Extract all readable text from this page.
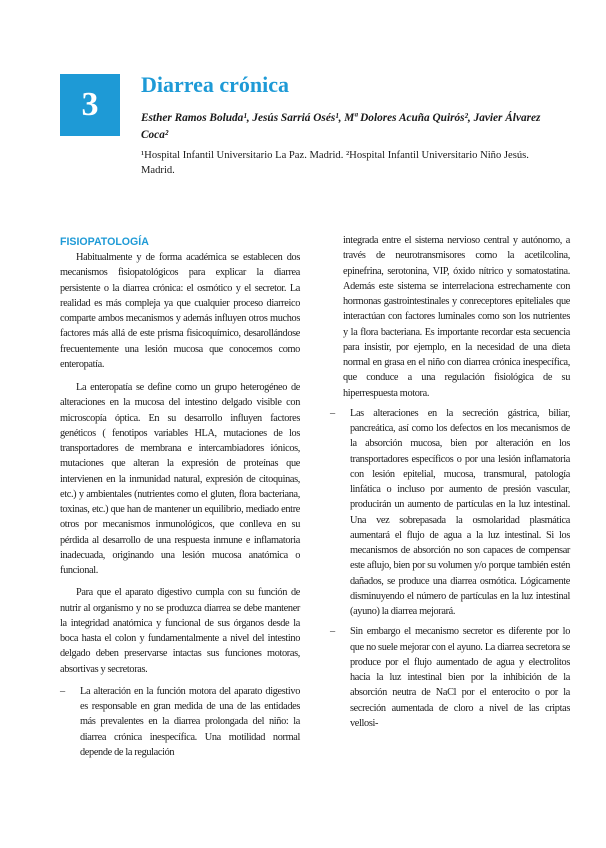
3
Diarrea crónica
Esther Ramos Boluda¹, Jesús Sarriá Osés¹, Mª Dolores Acuña Quirós², Javier Álvarez Coca²
¹Hospital Infantil Universitario La Paz. Madrid. ²Hospital Infantil Universitario Niño Jesús. Madrid.
FISIOPATOLOGÍA

Habitualmente y de forma académica se establecen dos mecanismos fisiopatológicos para explicar la diarrea persistente o la diarrea crónica: el osmótico y el secretor. La realidad es más compleja ya que cualquier proceso diarreico comparte ambos mecanismos y además influyen otros muchos factores más allá de este prisma fisicoquímico, desarollándose frecuentemente una lesión mucosa que conocemos como enteropatía.

La enteropatía se define como un grupo heterogéneo de alteraciones en la mucosa del intestino delgado visible con microscopía óptica. En su desarrollo influyen factores genéticos ( fenotipos variables HLA, mutaciones de los transportadores de membrana e intercambiadores iónicos, mutaciones que alteran la expresión de proteínas que intervienen en la inmunidad natural, expresión de citoquinas, etc.) y ambientales (nutrientes como el gluten, flora bacteriana, toxinas, etc.) que han de mantener un equilibrio, mediado entre otros por mecanismos inmunológicos, que conlleva en su pérdida al desarrollo de una respuesta inmune e inflamatoria inadecuada, originando una lesión mucosa anatómica o funcional.

Para que el aparato digestivo cumpla con su función de nutrir al organismo y no se produzca diarrea se debe mantener la integridad anatómica y funcional de sus órganos desde la boca hasta el colon y fundamentalmente a nivel del intestino delgado deben preservarse intactas sus funciones motoras, absortivas y secretoras.

– La alteración en la función motora del aparato digestivo es responsable en gran medida de una de las entidades más prevalentes en la diarrea prolongada del niño: la diarrea crónica inespecífica. Una motilidad normal depende de la regulación

integrada entre el sistema nervioso central y autónomo, a través de neurotransmisores como la acetilcolina, epinefrina, serotonina, VIP, óxido nítrico y somatostatina. Además este sistema se interrelaciona estrechamente con hormonas gastrointestinales y conreceptores epiteliales que interactúan con factores luminales como son los nutrientes y la flora bacteriana. Es importante recordar esta secuencia para insistir, por ejemplo, en la necesidad de una dieta normal en grasa en el niño con diarrea crónica inespecífica, que conduce a una regulación fisiológica de su hiperrespuesta motora.

– Las alteraciones en la secreción gástrica, biliar, pancreática, así como los defectos en los mecanismos de la absorción mucosa, bien por alteración en los transportadores específicos o por una lesión inflamatoria con lesión epitelial, mucosa, transmural, patología linfática o incluso por aumento de presión vascular, producirán un aumento de partículas en la luz intestinal. Una vez sobrepasada la osmolaridad plasmática aumentará el flujo de agua a la luz intestinal. Si los mecanismos de absorción no son capaces de compensar este aflujo, bien por su volumen y/o porque también estén dañados, se produce una diarrea osmótica. Lógicamente disminuyendo el número de partículas en la luz intestinal (ayuno) la diarrea mejorará.
– Sin embargo el mecanismo secretor es diferente por lo que no suele mejorar con el ayuno. La diarrea secretora se produce por el flujo aumentado de agua y electrolitos hacia la luz intestinal bien por la inhibición de la absorción neutra de NaCl por el enterocito o por la secreción aumentada de cloro a nivel de las criptas vellosi-
